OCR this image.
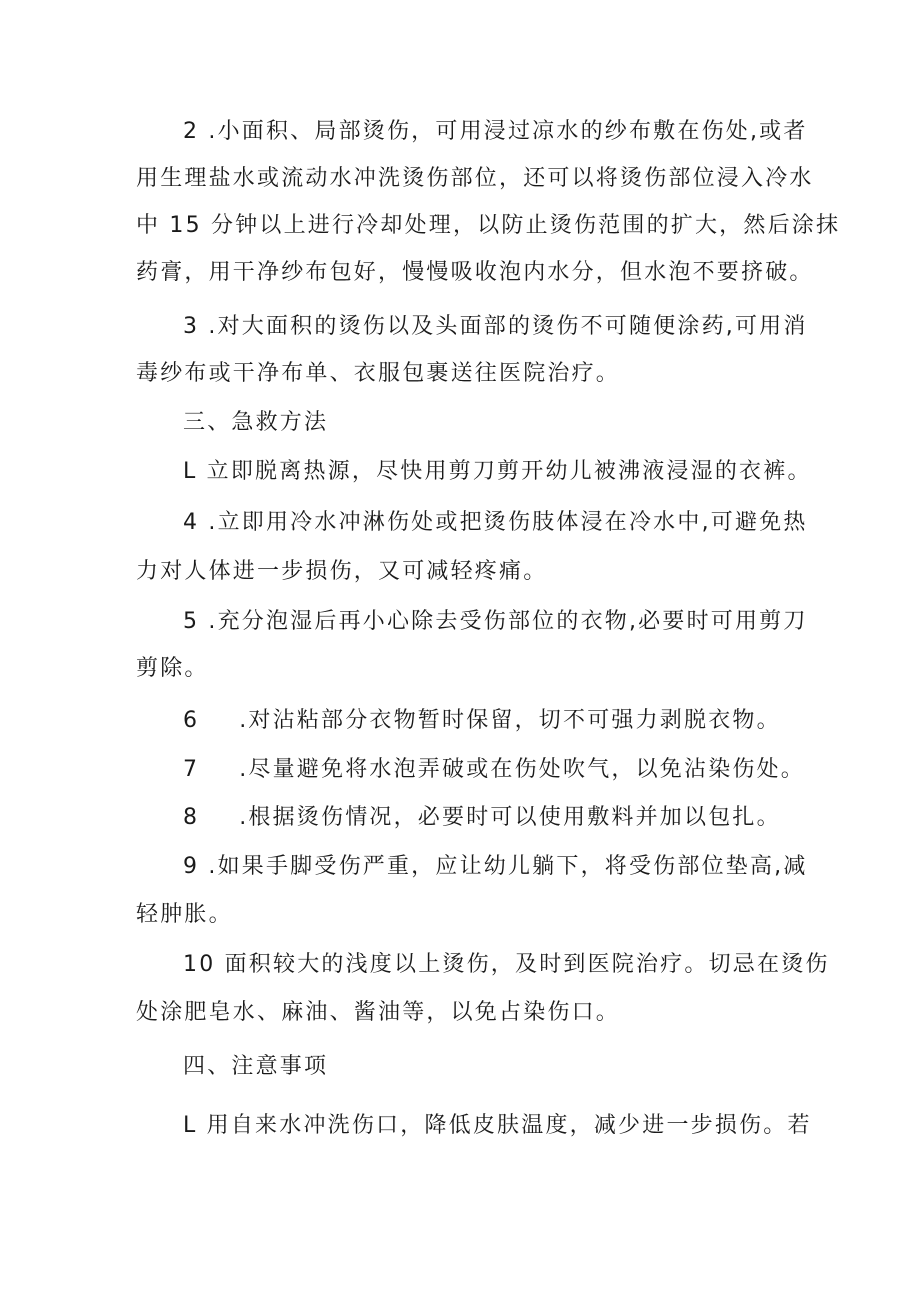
2 .小面积、局部烫伤，可用浸过凉水的纱布敷在伤处,或者
用生理盐水或流动水冲洗烫伤部位，还可以将烫伤部位浸入冷水
中 15 分钟以上进行冷却处理，以防止烫伤范围的扩大，然后涂抹
药膏，用干净纱布包好，慢慢吸收泡内水分，但水泡不要挤破。
3 .对大面积的烫伤以及头面部的烫伤不可随便涂药,可用消
毒纱布或干净布单、衣服包裹送往医院治疗。
三、急救方法
L 立即脱离热源，尽快用剪刀剪开幼儿被沸液浸湿的衣裤。
4 .立即用冷水冲淋伤处或把烫伤肢体浸在冷水中,可避免热
力对人体进一步损伤，又可减轻疼痛。
5 .充分泡湿后再小心除去受伤部位的衣物,必要时可用剪刀
剪除。
6 .对沾粘部分衣物暂时保留，切不可强力剥脱衣物。
7 .尽量避免将水泡弄破或在伤处吹气，以免沾染伤处。
8 .根据烫伤情况，必要时可以使用敷料并加以包扎。
9 .如果手脚受伤严重，应让幼儿躺下，将受伤部位垫高,减
轻肿胀。
10 面积较大的浅度以上烫伤，及时到医院治疗。切忌在烫伤
处涂肥皂水、麻油、酱油等，以免占染伤口。
四、注意事项
L 用自来水冲洗伤口，降低皮肤温度，减少进一步损伤。若
